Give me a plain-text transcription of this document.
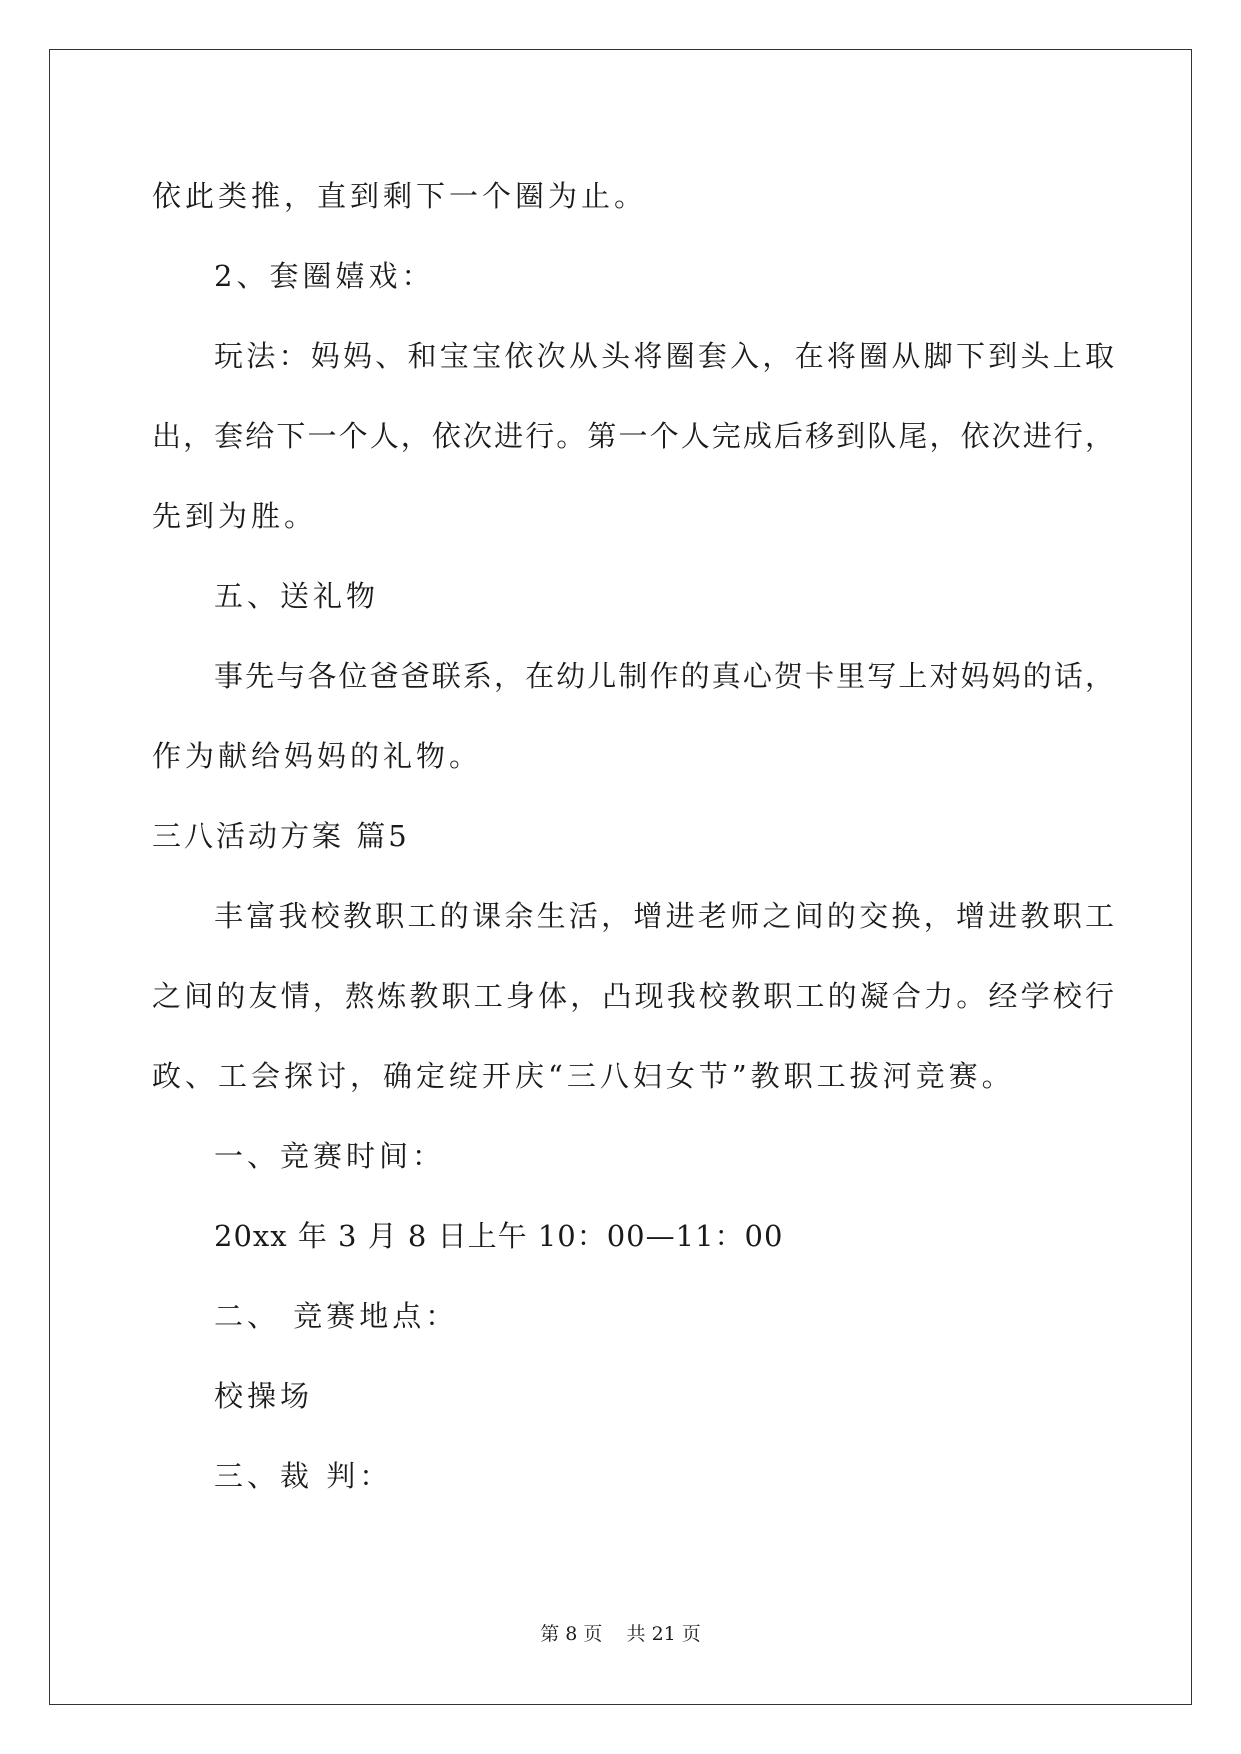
依此类推，直到剩下一个圈为止。
2、套圈嬉戏：
玩法：妈妈、和宝宝依次从头将圈套入，在将圈从脚下到头上取
出，套给下一个人，依次进行。第一个人完成后移到队尾，依次进行，
先到为胜。
五、送礼物
事先与各位爸爸联系，在幼儿制作的真心贺卡里写上对妈妈的话，
作为献给妈妈的礼物。
三八活动方案 篇5
丰富我校教职工的课余生活，增进老师之间的交换，增进教职工
之间的友情，熬炼教职工身体，凸现我校教职工的凝合力。经学校行
政、工会探讨，确定绽开庆“三八妇女节”教职工拔河竞赛。
一、竞赛时间：
20xx 年 3 月 8 日上午 10：00—11：00
二、 竞赛地点：
校操场
三、裁 判：
第 8 页    共 21 页
